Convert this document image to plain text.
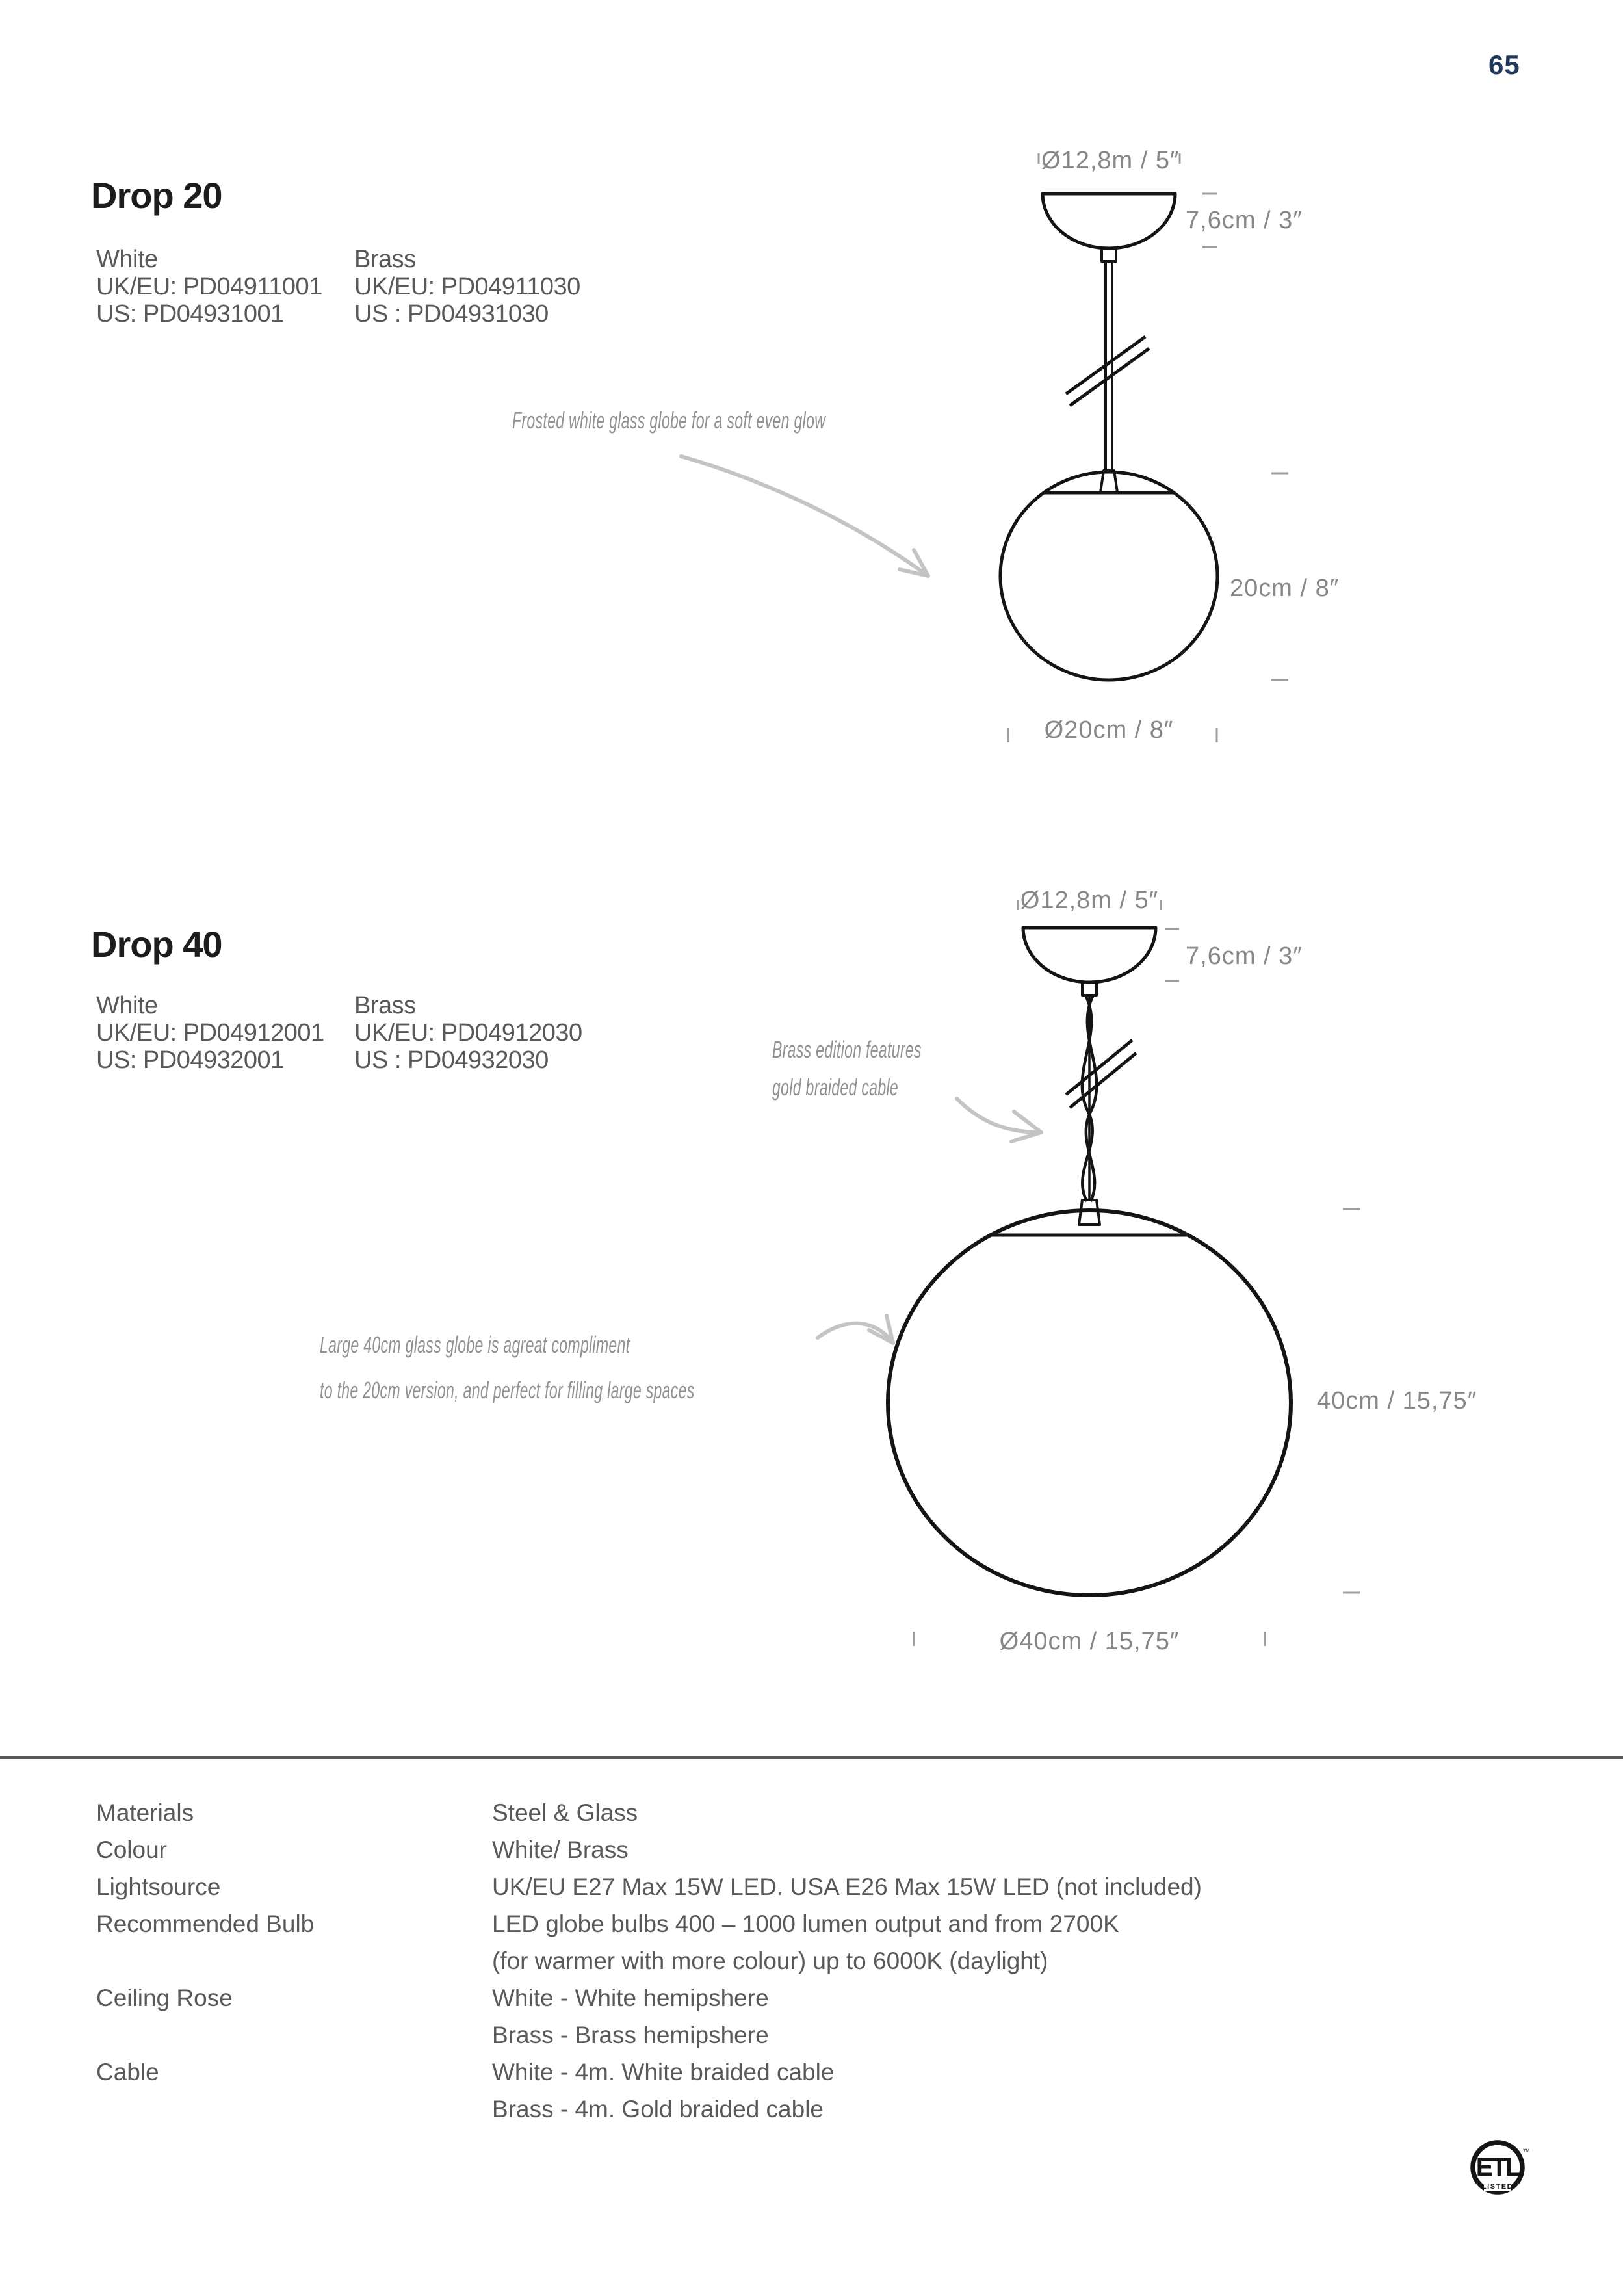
65
Drop 20
White
UK/EU: PD04911001
US: PD04931001
Brass
UK/EU: PD04911030
US : PD04931030
Frosted white glass globe for a soft even glow
Ø12,8m / 5″
7,6cm / 3″
20cm / 8″
Ø20cm / 8″
Drop 40
White
UK/EU: PD04912001
US: PD04932001
Brass
UK/EU: PD04912030
US : PD04932030	Brass edition features
gold braided cable
Large 40cm glass globe is agreat compliment
to the 20cm version, and perfect for filling large spaces
Ø12,8m / 5″
7,6cm / 3″
40cm / 15,75″
Ø40cm / 15,75″
Materials
Colour
Lightsource
Recommended Bulb
Ceiling Rose
Cable
Steel & Glass
White/ Brass
UK/EU E27 Max 15W LED. USA E26 Max 15W LED (not included)
LED globe bulbs 400 – 1000 lumen output and from 2700K
(for warmer with more colour) up to 6000K (daylight)
White - White hemipshere
Brass - Brass hemipshere
White - 4m. White braided cable
Brass - 4m. Gold braided cable
ETL
LISTED
™
